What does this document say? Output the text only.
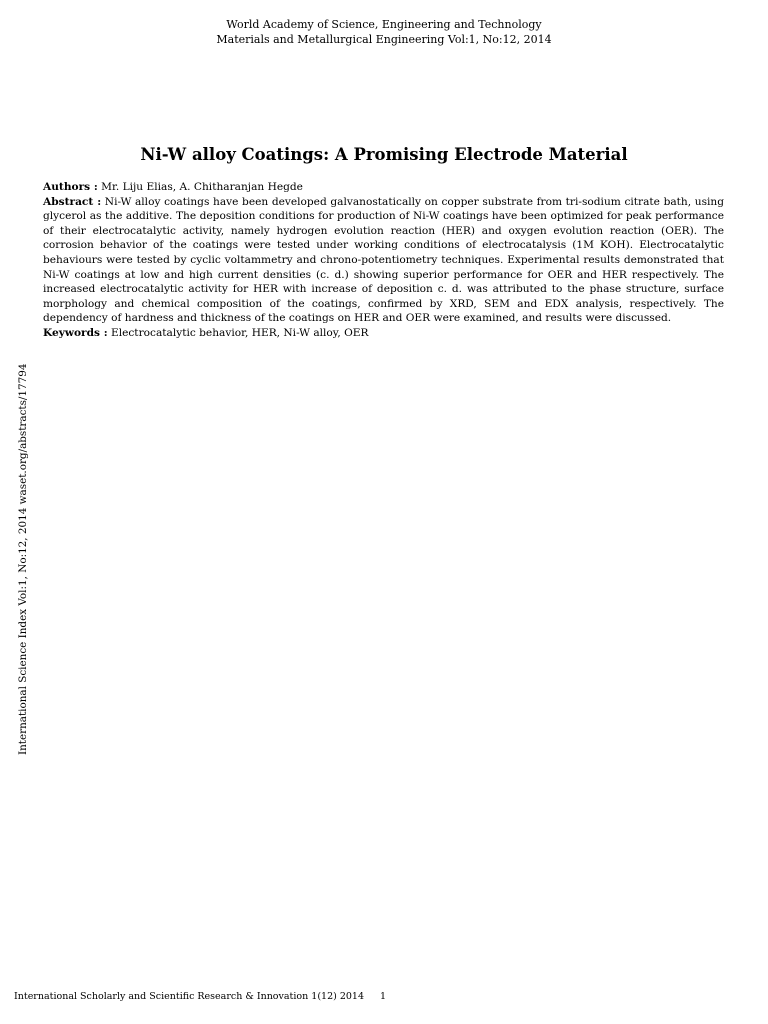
World Academy of Science, Engineering and Technology
Materials and Metallurgical Engineering Vol:1, No:12, 2014
Ni-W alloy Coatings: A Promising Electrode Material

Authors : Mr. Liju Elias, A. Chitharanjan Hegde

Abstract : Ni-W alloy coatings have been developed galvanostatically on copper substrate from tri-sodium citrate bath, using glycerol as the additive. The deposition conditions for production of Ni-W coatings have been optimized for peak performance of their electrocatalytic activity, namely hydrogen evolution reaction (HER) and oxygen evolution reaction (OER). The corrosion behavior of the coatings were tested under working conditions of electrocatalysis (1M KOH). Electrocatalytic behaviours were tested by cyclic voltammetry and chrono-potentiometry techniques. Experimental results demonstrated that Ni-W coatings at low and high current densities (c. d.) showing superior performance for OER and HER respectively. The increased electrocatalytic activity for HER with increase of deposition c. d. was attributed to the phase structure, surface morphology and chemical composition of the coatings, confirmed by XRD, SEM and EDX analysis, respectively. The dependency of hardness and thickness of the coatings on HER and OER were examined, and results were discussed.

Keywords : Electrocatalytic behavior, HER, Ni-W alloy, OER

International Science Index Vol:1, No:12, 2014 waset.org/abstracts/17794
International Scholarly and Scientific Research & Innovation 1(12) 2014 1
